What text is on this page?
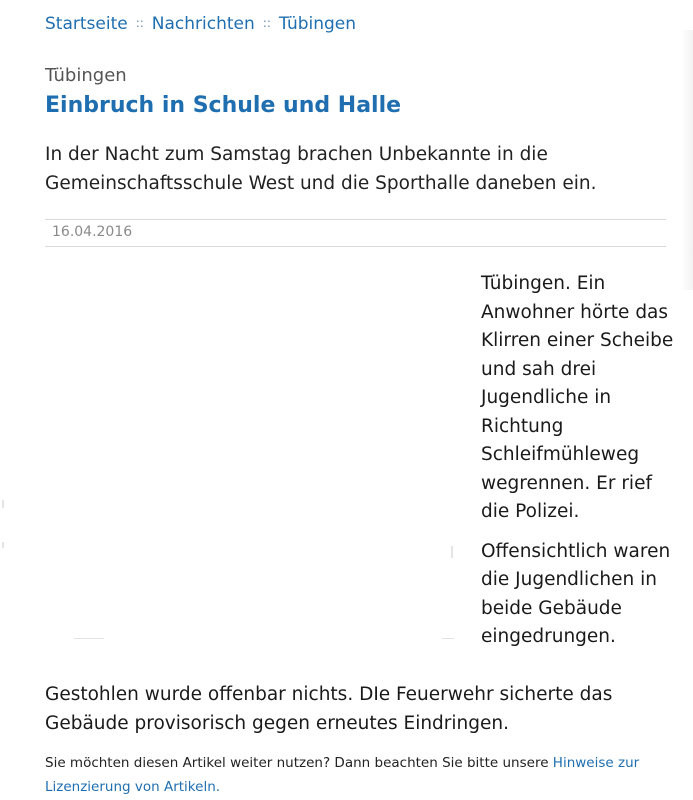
Startseite :: Nachrichten :: Tübingen
Tübingen
Einbruch in Schule und Halle

In der Nacht zum Samstag brachen Unbekannte in die Gemeinschaftsschule West und die Sporthalle daneben ein.

16.04.2016

Tübingen. Ein Anwohner hörte das Klirren einer Scheibe und sah drei Jugendliche in Richtung Schleifmühleweg wegrennen. Er rief die Polizei.

Offensichtlich waren die Jugendlichen in beide Gebäude eingedrungen.

Gestohlen wurde offenbar nichts. DIe Feuerwehr sicherte das Gebäude provisorisch gegen erneutes Eindringen.

Sie möchten diesen Artikel weiter nutzen? Dann beachten Sie bitte unsere Hinweise zur Lizenzierung von Artikeln.
